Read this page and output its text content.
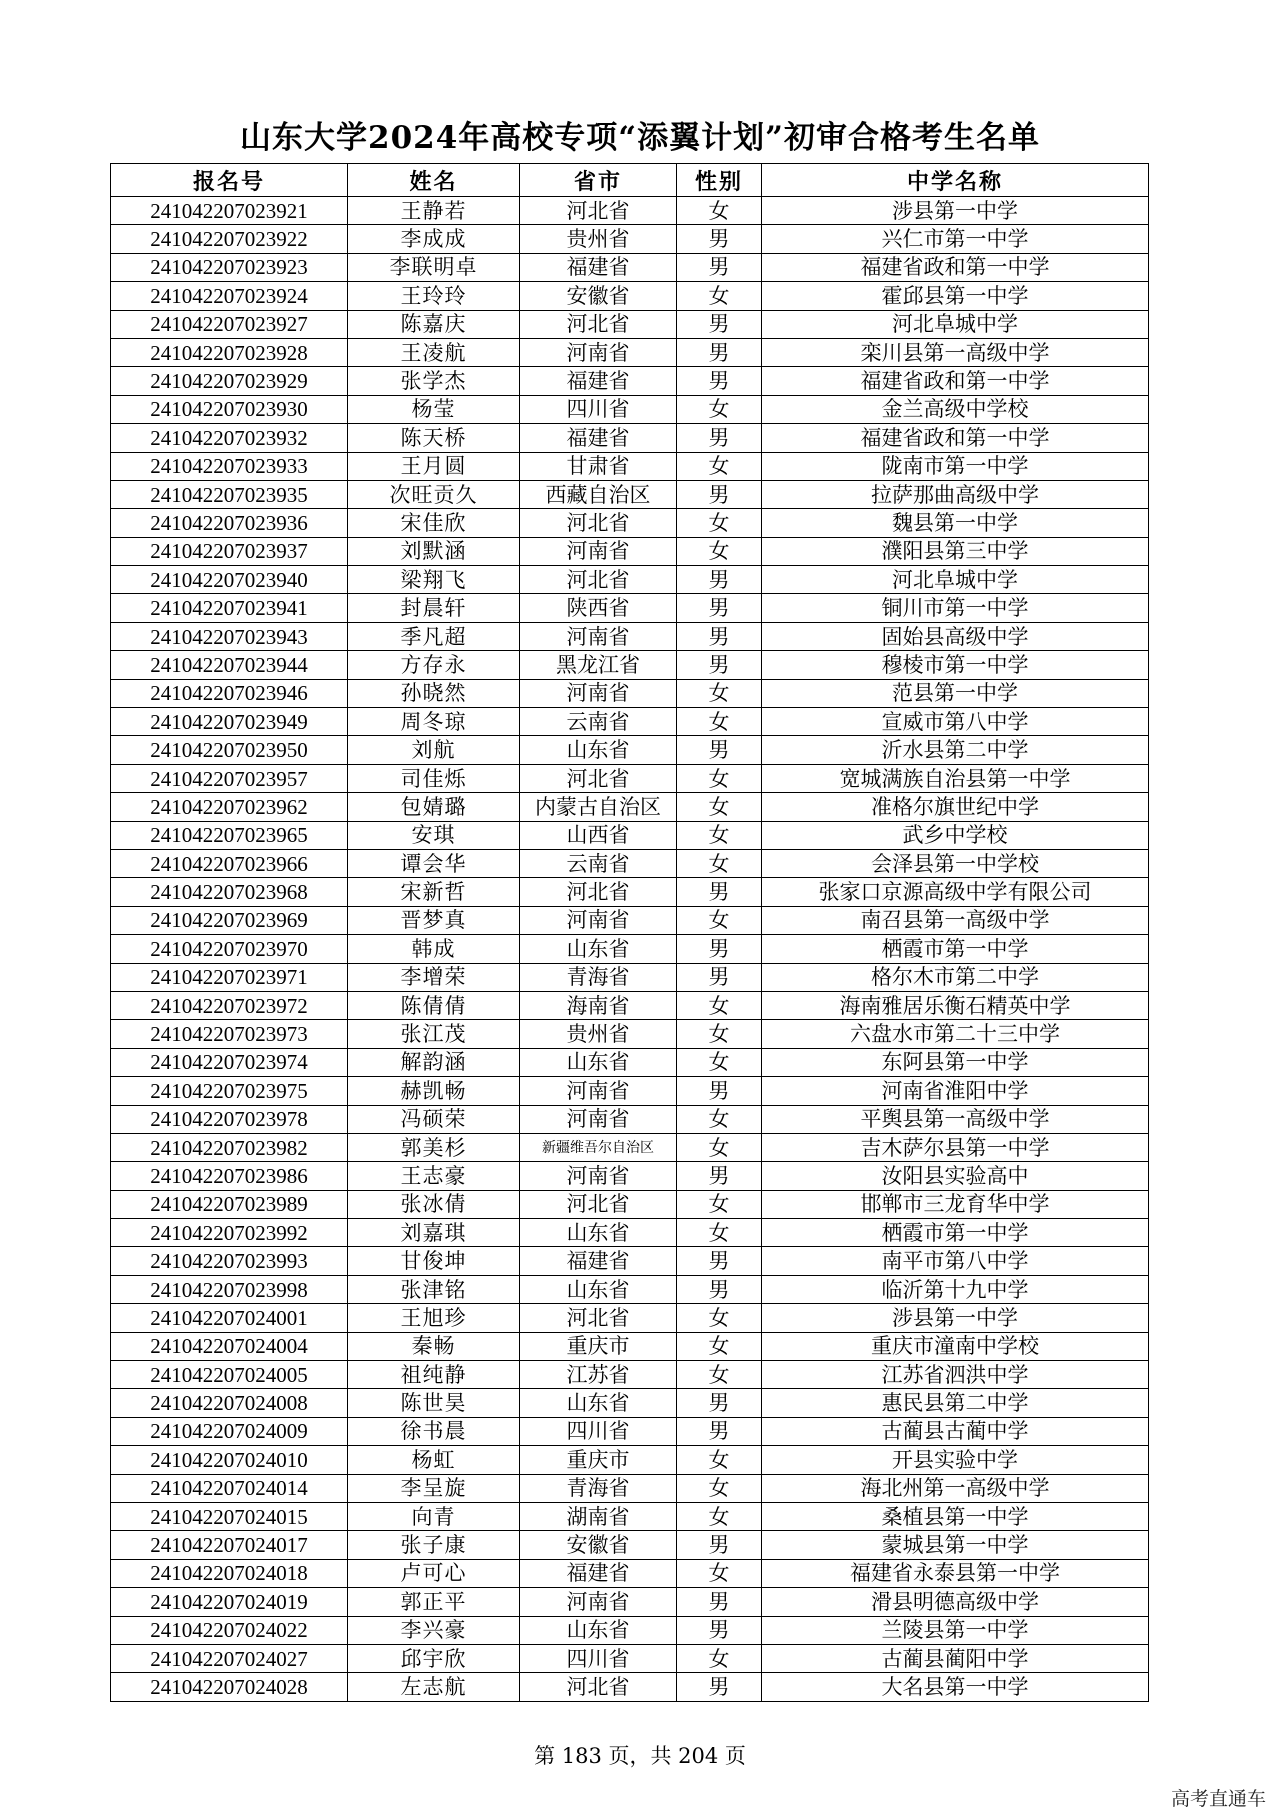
山东大学2024年高校专项“添翼计划”初审合格考生名单
报名号	姓名	省市	性别	中学名称
241042207023921	王静若	河北省	女	涉县第一中学
241042207023922	李成成	贵州省	男	兴仁市第一中学
241042207023923	李联明卓	福建省	男	福建省政和第一中学
241042207023924	王玲玲	安徽省	女	霍邱县第一中学
241042207023927	陈嘉庆	河北省	男	河北阜城中学
241042207023928	王凌航	河南省	男	栾川县第一高级中学
241042207023929	张学杰	福建省	男	福建省政和第一中学
241042207023930	杨莹	四川省	女	金兰高级中学校
241042207023932	陈天桥	福建省	男	福建省政和第一中学
241042207023933	王月圆	甘肃省	女	陇南市第一中学
241042207023935	次旺贡久	西藏自治区	男	拉萨那曲高级中学
241042207023936	宋佳欣	河北省	女	魏县第一中学
241042207023937	刘默涵	河南省	女	濮阳县第三中学
241042207023940	梁翔飞	河北省	男	河北阜城中学
241042207023941	封晨轩	陕西省	男	铜川市第一中学
241042207023943	季凡超	河南省	男	固始县高级中学
241042207023944	方存永	黑龙江省	男	穆棱市第一中学
241042207023946	孙晓然	河南省	女	范县第一中学
241042207023949	周冬琼	云南省	女	宣威市第八中学
241042207023950	刘航	山东省	男	沂水县第二中学
241042207023957	司佳烁	河北省	女	宽城满族自治县第一中学
241042207023962	包婧璐	内蒙古自治区	女	准格尔旗世纪中学
241042207023965	安琪	山西省	女	武乡中学校
241042207023966	谭会华	云南省	女	会泽县第一中学校
241042207023968	宋新哲	河北省	男	张家口京源高级中学有限公司
241042207023969	晋梦真	河南省	女	南召县第一高级中学
241042207023970	韩成	山东省	男	栖霞市第一中学
241042207023971	李增荣	青海省	男	格尔木市第二中学
241042207023972	陈倩倩	海南省	女	海南雅居乐衡石精英中学
241042207023973	张江茂	贵州省	女	六盘水市第二十三中学
241042207023974	解韵涵	山东省	女	东阿县第一中学
241042207023975	赫凯畅	河南省	男	河南省淮阳中学
241042207023978	冯硕荣	河南省	女	平舆县第一高级中学
241042207023982	郭美杉	新疆维吾尔自治区	女	吉木萨尔县第一中学
241042207023986	王志豪	河南省	男	汝阳县实验高中
241042207023989	张冰倩	河北省	女	邯郸市三龙育华中学
241042207023992	刘嘉琪	山东省	女	栖霞市第一中学
241042207023993	甘俊坤	福建省	男	南平市第八中学
241042207023998	张津铭	山东省	男	临沂第十九中学
241042207024001	王旭珍	河北省	女	涉县第一中学
241042207024004	秦畅	重庆市	女	重庆市潼南中学校
241042207024005	祖纯静	江苏省	女	江苏省泗洪中学
241042207024008	陈世昊	山东省	男	惠民县第二中学
241042207024009	徐书晨	四川省	男	古蔺县古蔺中学
241042207024010	杨虹	重庆市	女	开县实验中学
241042207024014	李呈旋	青海省	女	海北州第一高级中学
241042207024015	向青	湖南省	女	桑植县第一中学
241042207024017	张子康	安徽省	男	蒙城县第一中学
241042207024018	卢可心	福建省	女	福建省永泰县第一中学
241042207024019	郭正平	河南省	男	滑县明德高级中学
241042207024022	李兴豪	山东省	男	兰陵县第一中学
241042207024027	邱宇欣	四川省	女	古蔺县蔺阳中学
241042207024028	左志航	河北省	男	大名县第一中学
第 183 页，共 204 页
高考直通车
